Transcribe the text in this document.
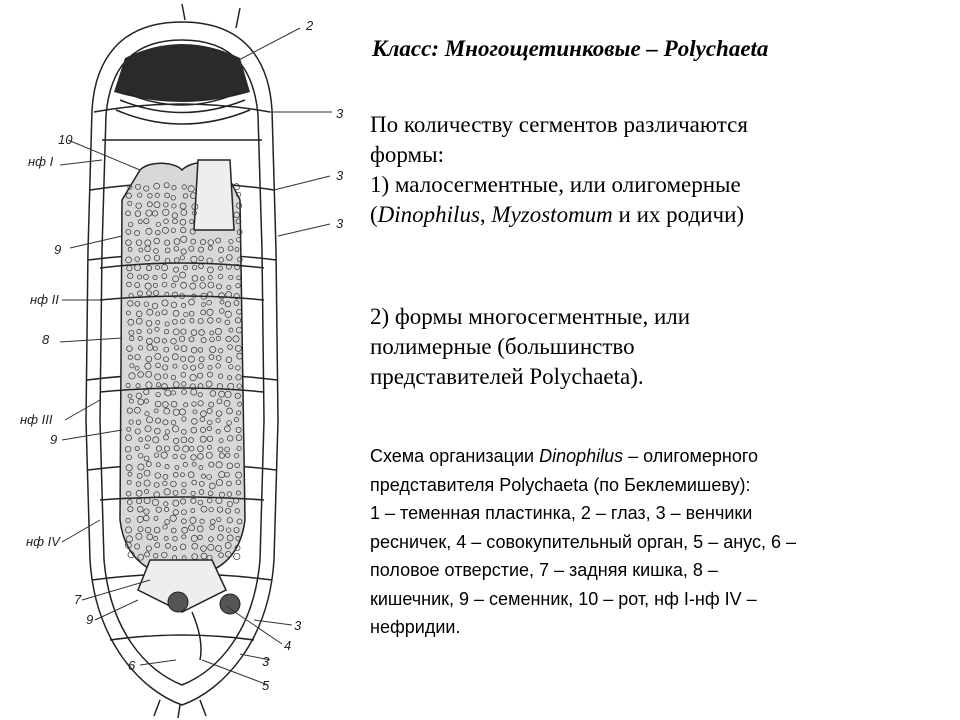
2
3
3
3
10
нф I
9
нф II
8
нф III
9
нф IV
7
9	3
4
3
6
5
Класс: Многощетинковые – Polychaeta
По количеству сегментов различаются
формы:
1) малосегментные, или олигомерные
(Dinophilus, Myzostomum и их родичи)
2) формы многосегментные, или
полимерные (большинство
представителей Polychaeta).
Схема организации Dinophilus – олигомерного
представителя Polychaeta (по Беклемишеву):
1 – теменная пластинка, 2 – глаз, 3 – венчики
ресничек, 4 – совокупительный орган, 5 – анус, 6 –
половое отверстие, 7 – задняя кишка, 8 –
кишечник, 9 – семенник, 10 – рот, нф I-нф IV –
нефридии.
